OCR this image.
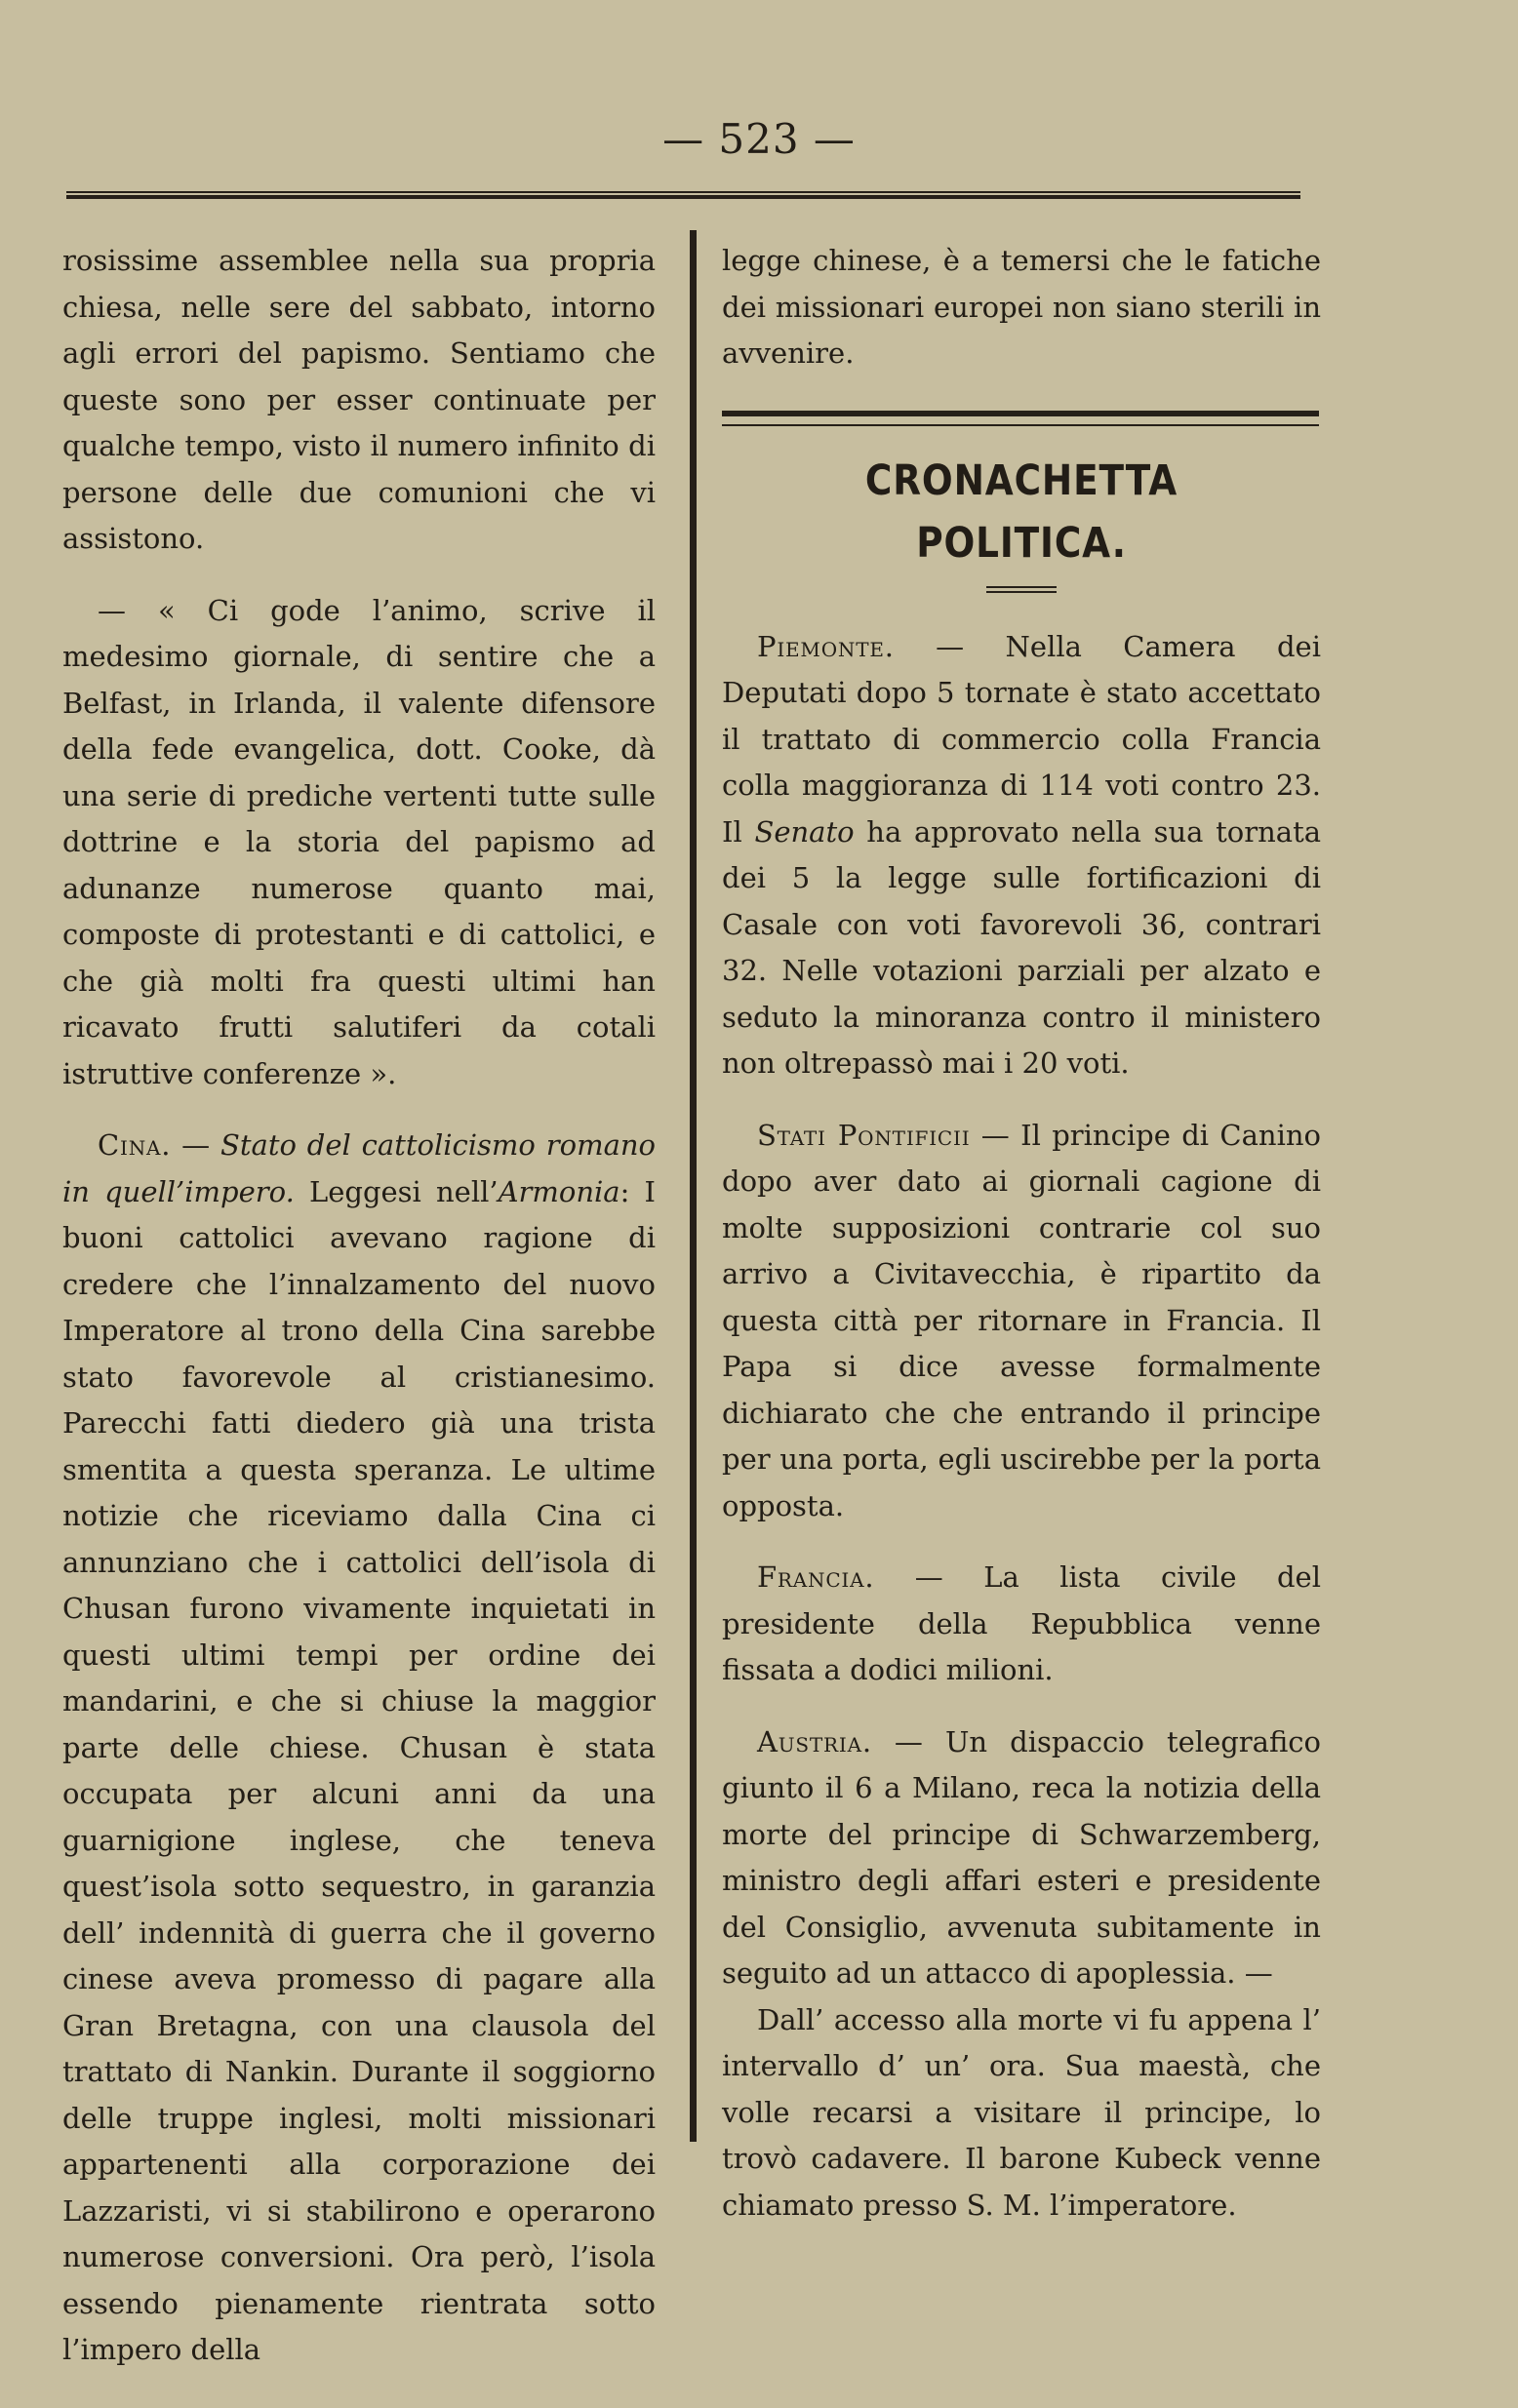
— 523 —

rosissime assemblee nella sua propria chiesa, nelle sere del sabbato, intorno agli errori del papismo. Sentiamo che queste sono per esser continuate per qualche tempo, visto il numero infinito di persone delle due comunioni che vi assistono.

— « Ci gode l’animo, scrive il medesimo giornale, di sentire che a Belfast, in Irlanda, il valente difensore della fede evangelica, dott. Cooke, dà una serie di prediche vertenti tutte sulle dottrine e la storia del papismo ad adunanze numerose quanto mai, composte di protestanti e di cattolici, e che già molti fra questi ultimi han ricavato frutti salutiferi da cotali istruttive conferenze ».

Cina. — Stato del cattolicismo romano in quell’impero. Leggesi nell’Armonia: I buoni cattolici avevano ragione di credere che l’innalzamento del nuovo Imperatore al trono della Cina sarebbe stato favorevole al cristianesimo. Parecchi fatti diedero già una trista smentita a questa speranza. Le ultime notizie che riceviamo dalla Cina ci annunziano che i cattolici dell’isola di Chusan furono vivamente inquietati in questi ultimi tempi per ordine dei mandarini, e che si chiuse la maggior parte delle chiese. Chusan è stata occupata per alcuni anni da una guarnigione inglese, che teneva quest’isola sotto sequestro, in garanzia dell’ indennità di guerra che il governo cinese aveva promesso di pagare alla Gran Bretagna, con una clausola del trattato di Nankin. Durante il soggiorno delle truppe inglesi, molti missionari appartenenti alla corporazione dei Lazzaristi, vi si stabilirono e operarono numerose conversioni. Ora però, l’isola essendo pienamente rientrata sotto l’impero della

legge chinese, è a temersi che le fatiche dei missionari europei non siano sterili in avvenire.

CRONACHETTA POLITICA.

Piemonte. — Nella Camera dei Deputati dopo 5 tornate è stato accettato il trattato di commercio colla Francia colla maggioranza di 114 voti contro 23. Il Senato ha approvato nella sua tornata dei 5 la legge sulle fortificazioni di Casale con voti favorevoli 36, contrari 32. Nelle votazioni parziali per alzato e seduto la minoranza contro il ministero non oltrepassò mai i 20 voti.

Stati Pontificii — Il principe di Canino dopo aver dato ai giornali cagione di molte supposizioni contrarie col suo arrivo a Civitavecchia, è ripartito da questa città per ritornare in Francia. Il Papa si dice avesse formalmente dichiarato che che entrando il principe per una porta, egli uscirebbe per la porta opposta.

Francia. — La lista civile del presidente della Repubblica venne fissata a dodici milioni.

Austria. — Un dispaccio telegrafico giunto il 6 a Milano, reca la notizia della morte del principe di Schwarzemberg, ministro degli affari esteri e presidente del Consiglio, avvenuta subitamente in seguito ad un attacco di apoplessia. —

Dall’ accesso alla morte vi fu appena l’ intervallo d’ un’ ora. Sua maestà, che volle recarsi a visitare il principe, lo trovò cadavere. Il barone Kubeck venne chiamato presso S. M. l’imperatore.
